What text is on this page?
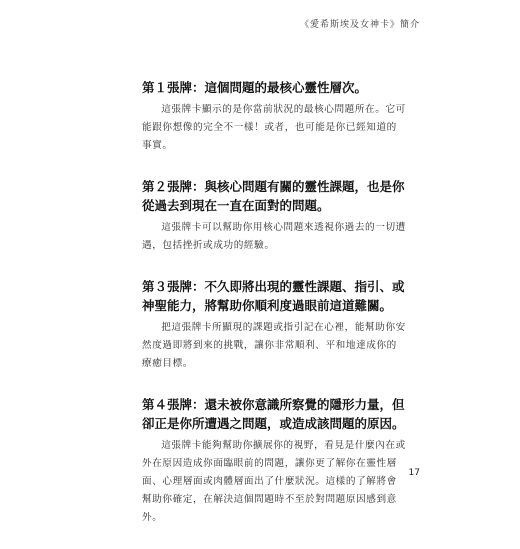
《愛希斯埃及女神卡》簡介

第１張牌：這個問題的最核心靈性層次。

這張牌卡顯示的是你當前狀況的最核心問題所在。它可能跟你想像的完全不一樣！或者，也可能是你已經知道的事實。

第２張牌：與核心問題有關的靈性課題，也是你從過去到現在一直在面對的問題。

這張牌卡可以幫助你用核心問題來透視你過去的一切遭遇，包括挫折或成功的經驗。

第３張牌：不久即將出現的靈性課題、指引、或神聖能力，將幫助你順利度過眼前這道難關。

把這張牌卡所顯現的課題或指引記在心裡，能幫助你安然度過即將到來的挑戰，讓你非常順利、平和地達成你的療癒目標。

第４張牌：還未被你意識所察覺的隱形力量，但卻正是你所遭遇之問題，或造成該問題的原因。

這張牌卡能夠幫助你擴展你的視野，看見是什麼內在或外在原因造成你面臨眼前的問題，讓你更了解你在靈性層面、心理層面或肉體層面出了什麼狀況。這樣的了解將會幫助你確定，在解決這個問題時不至於對問題原因感到意外。

17
